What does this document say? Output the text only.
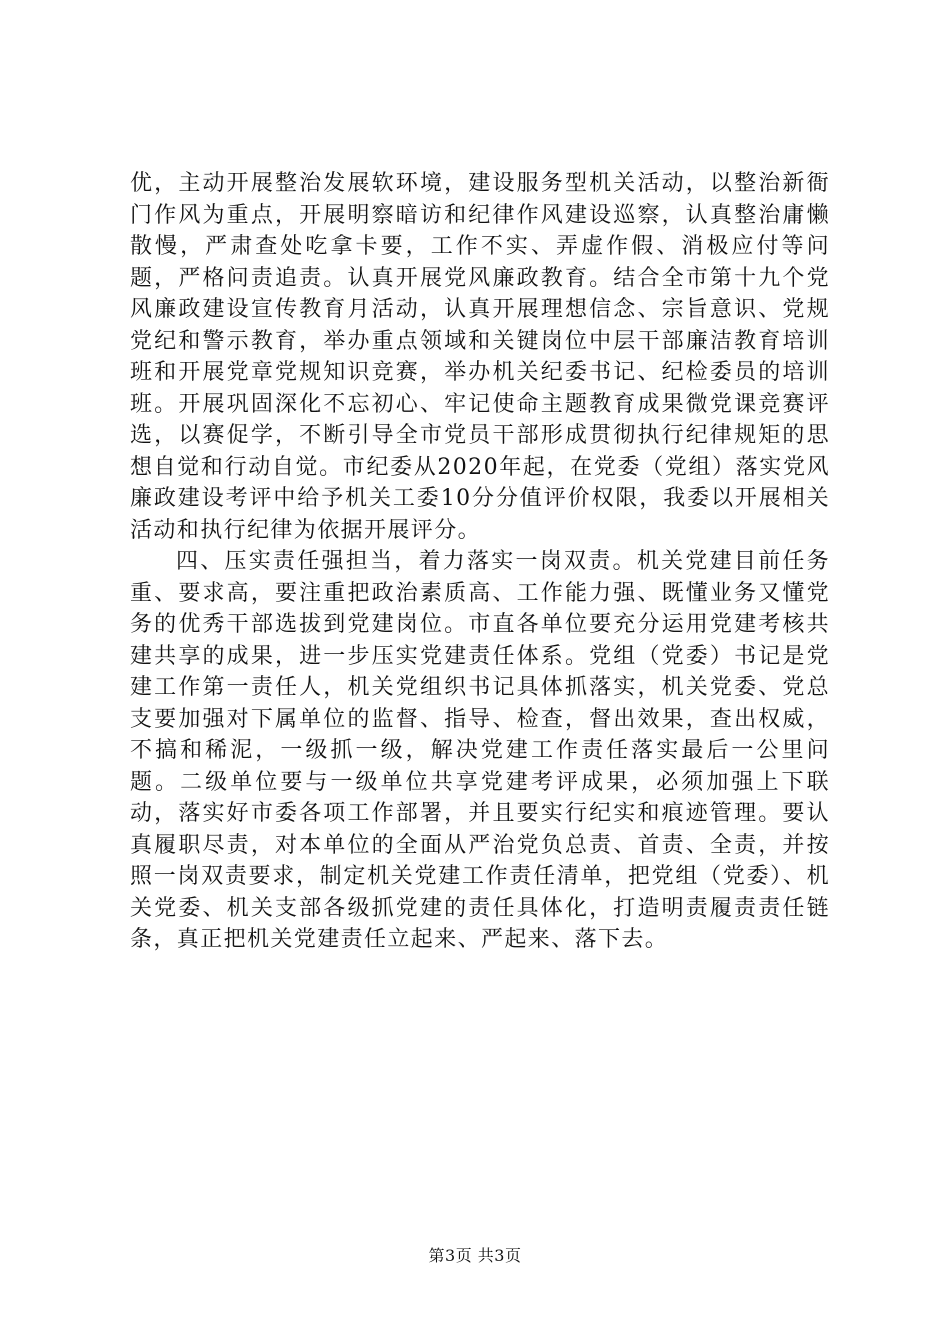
优，主动开展整治发展软环境，建设服务型机关活动，以整治新衙门作风为重点，开展明察暗访和纪律作风建设巡察，认真整治庸懒散慢，严肃查处吃拿卡要，工作不实、弄虚作假、消极应付等问题，严格问责追责。认真开展党风廉政教育。结合全市第十九个党风廉政建设宣传教育月活动，认真开展理想信念、宗旨意识、党规党纪和警示教育，举办重点领域和关键岗位中层干部廉洁教育培训班和开展党章党规知识竞赛，举办机关纪委书记、纪检委员的培训班。开展巩固深化不忘初心、牢记使命主题教育成果微党课竞赛评选，以赛促学，不断引导全市党员干部形成贯彻执行纪律规矩的思想自觉和行动自觉。市纪委从2020年起，在党委（党组）落实党风廉政建设考评中给予机关工委10分分值评价权限，我委以开展相关活动和执行纪律为依据开展评分。

四、压实责任强担当，着力落实一岗双责。机关党建目前任务重、要求高，要注重把政治素质高、工作能力强、既懂业务又懂党务的优秀干部选拔到党建岗位。市直各单位要充分运用党建考核共建共享的成果，进一步压实党建责任体系。党组（党委）书记是党建工作第一责任人，机关党组织书记具体抓落实，机关党委、党总支要加强对下属单位的监督、指导、检查，督出效果，查出权威，不搞和稀泥，一级抓一级，解决党建工作责任落实最后一公里问题。二级单位要与一级单位共享党建考评成果，必须加强上下联动，落实好市委各项工作部署，并且要实行纪实和痕迹管理。要认真履职尽责，对本单位的全面从严治党负总责、首责、全责，并按照一岗双责要求，制定机关党建工作责任清单，把党组（党委）、机关党委、机关支部各级抓党建的责任具体化，打造明责履责责任链条，真正把机关党建责任立起来、严起来、落下去。

第3页 共3页
